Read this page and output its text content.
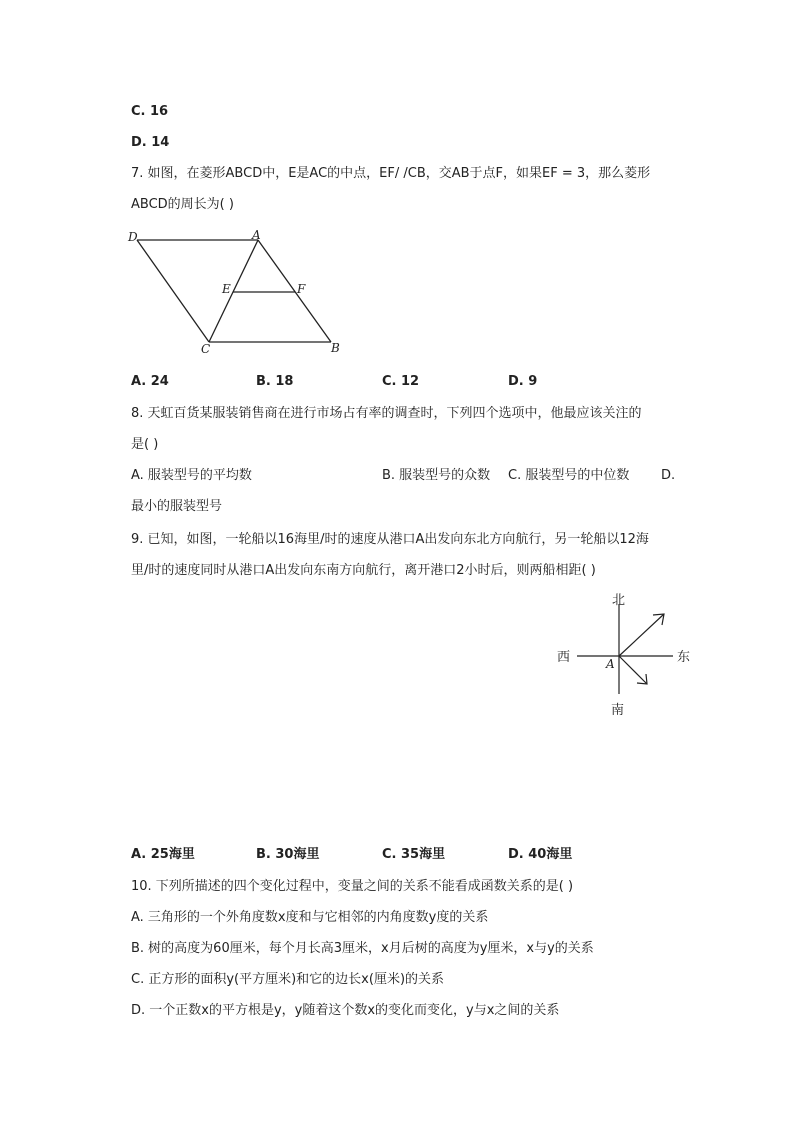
C. 16
D. 14
7. 如图，在菱形ABCD中，E是AC的中点，EF/ /CB，交AB于点F，如果EF = 3，那么菱形
ABCD的周长为( )
D	A
E	F
C	B
A. 24	B. 18	C. 12	D. 9
8. 天虹百货某服装销售商在进行市场占有率的调查时，下列四个选项中，他最应该关注的
是( )
A. 服装型号的平均数	B. 服装型号的众数 C. 服装型号的中位数 D.
最小的服装型号
9. 已知，如图，一轮船以16海里/时的速度从港口A出发向东北方向航行，另一轮船以12海
里/时的速度同时从港口A出发向东南方向航行，离开港口2小时后，则两船相距( )
北
南
西	东
A
A. 25海里	B. 30海里	C. 35海里	D. 40海里
10. 下列所描述的四个变化过程中，变量之间的关系不能看成函数关系的是( )
A. 三角形的一个外角度数x度和与它相邻的内角度数y度的关系
B. 树的高度为60厘米，每个月长高3厘米，x月后树的高度为y厘米，x与y的关系
C. 正方形的面积y(平方厘米)和它的边长x(厘米)的关系
D. 一个正数x的平方根是y，y随着这个数x的变化而变化，y与x之间的关系
